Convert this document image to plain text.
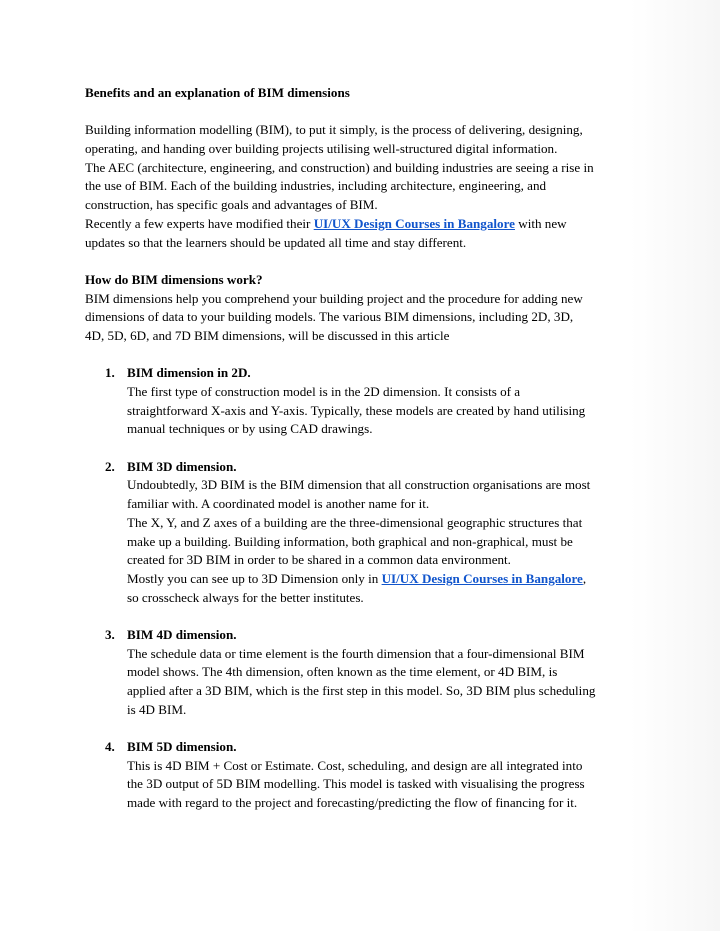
Benefits and an explanation of BIM dimensions
Building information modelling (BIM), to put it simply, is the process of delivering, designing,
operating, and handing over building projects utilising well-structured digital information.
The AEC (architecture, engineering, and construction) and building industries are seeing a rise in
the use of BIM. Each of the building industries, including architecture, engineering, and
construction, has specific goals and advantages of BIM.
Recently a few experts have modified their UI/UX Design Courses in Bangalore with new
updates so that the learners should be updated all time and stay different.
How do BIM dimensions work?
BIM dimensions help you comprehend your building project and the procedure for adding new
dimensions of data to your building models. The various BIM dimensions, including 2D, 3D,
4D, 5D, 6D, and 7D BIM dimensions, will be discussed in this article
1. BIM dimension in 2D.
The first type of construction model is in the 2D dimension. It consists of a
straightforward X-axis and Y-axis. Typically, these models are created by hand utilising
manual techniques or by using CAD drawings.
2. BIM 3D dimension.
Undoubtedly, 3D BIM is the BIM dimension that all construction organisations are most
familiar with. A coordinated model is another name for it.
The X, Y, and Z axes of a building are the three-dimensional geographic structures that
make up a building. Building information, both graphical and non-graphical, must be
created for 3D BIM in order to be shared in a common data environment.
Mostly you can see up to 3D Dimension only in UI/UX Design Courses in Bangalore,
so crosscheck always for the better institutes.
3. BIM 4D dimension.
The schedule data or time element is the fourth dimension that a four-dimensional BIM
model shows. The 4th dimension, often known as the time element, or 4D BIM, is
applied after a 3D BIM, which is the first step in this model. So, 3D BIM plus scheduling
is 4D BIM.
4. BIM 5D dimension.
This is 4D BIM + Cost or Estimate. Cost, scheduling, and design are all integrated into
the 3D output of 5D BIM modelling. This model is tasked with visualising the progress
made with regard to the project and forecasting/predicting the flow of financing for it.
